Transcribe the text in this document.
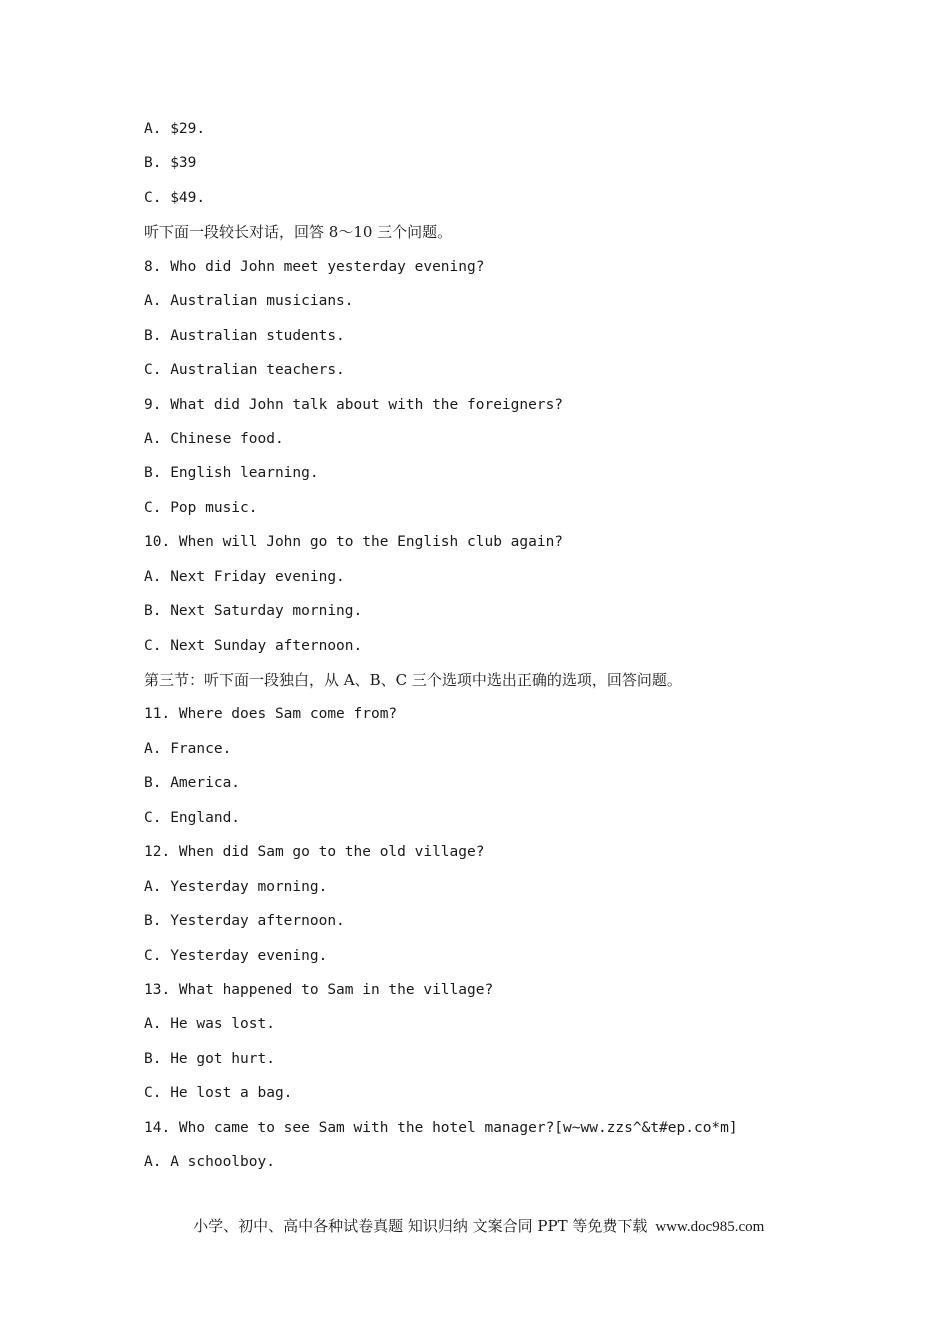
A. $29.
B. $39
C. $49.
听下面一段较长对话，回答 8～10 三个问题。
8. Who did John meet yesterday evening?
A. Australian musicians.
B. Australian students.
C. Australian teachers.
9. What did John talk about with the foreigners?
A. Chinese food.
B. English learning.
C. Pop music.
10. When will John go to the English club again?
A. Next Friday evening.
B. Next Saturday morning.
C. Next Sunday afternoon.
第三节：听下面一段独白，从 A、B、C 三个选项中选出正确的选项，回答问题。
11. Where does Sam come from?
A. France.
B. America.
C. England.
12. When did Sam go to the old village?
A. Yesterday morning.
B. Yesterday afternoon.
C. Yesterday evening.
13. What happened to Sam in the village?
A. He was lost.
B. He got hurt.
C. He lost a bag.
14. Who came to see Sam with the hotel manager?[w~ww.zzs^&t#ep.co*m]
A. A schoolboy.

小学、初中、高中各种试卷真题 知识归纳 文案合同 PPT 等免费下载 www.doc985.com
